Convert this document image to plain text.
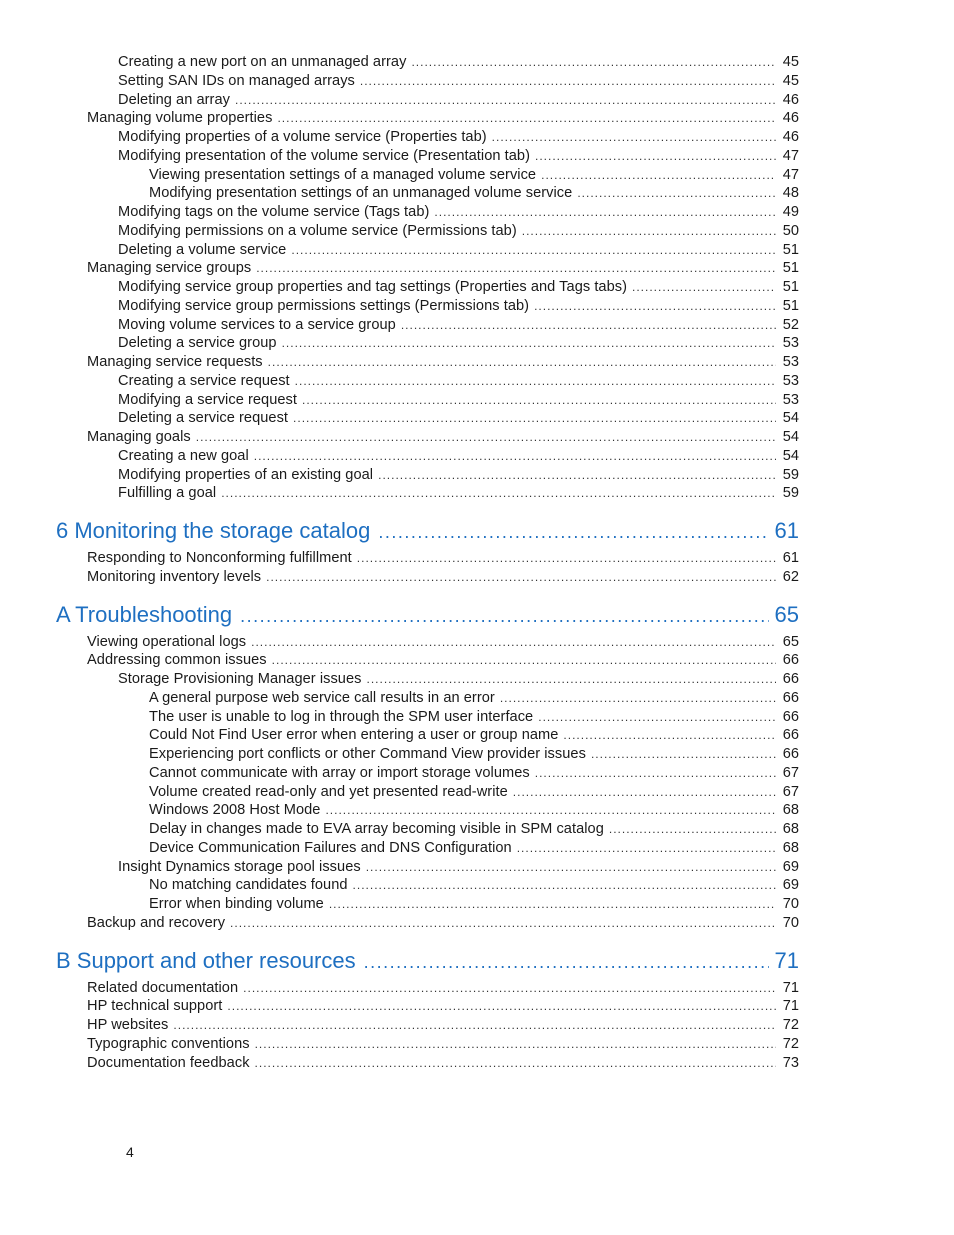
Creating a new port on an unmanaged array .....	45
Setting SAN IDs on managed arrays .....	45
Deleting an array .....	46
Managing volume properties .....	46
Modifying properties of a volume service (Properties tab) .....	46
Modifying presentation of the volume service (Presentation tab) .....	47
Viewing presentation settings of a managed volume service .....	47
Modifying presentation settings of an unmanaged volume service .....	48
Modifying tags on the volume service (Tags tab) .....	49
Modifying permissions on a volume service (Permissions tab) .....	50
Deleting a volume service .....	51
Managing service groups .....	51
Modifying service group properties and tag settings (Properties and Tags tabs) .....	51
Modifying service group permissions settings (Permissions tab) .....	51
Moving volume services to a service group .....	52
Deleting a service group .....	53
Managing service requests .....	53
Creating a service request .....	53
Modifying a service request .....	53
Deleting a service request .....	54
Managing goals .....	54
Creating a new goal .....	54
Modifying properties of an existing goal .....	59
Fulfilling a goal .....	59
6 Monitoring the storage catalog .....	61
Responding to Nonconforming fulfillment .....	61
Monitoring inventory levels .....	62
A Troubleshooting .....	65
Viewing operational logs .....	65
Addressing common issues .....	66
Storage Provisioning Manager issues .....	66
A general purpose web service call results in an error .....	66
The user is unable to log in through the SPM user interface .....	66
Could Not Find User error when entering a user or group name .....	66
Experiencing port conflicts or other Command View provider issues .....	66
Cannot communicate with array or import storage volumes .....	67
Volume created read-only and yet presented read-write .....	67
Windows 2008 Host Mode .....	68
Delay in changes made to EVA array becoming visible in SPM catalog .....	68
Device Communication Failures and DNS Configuration .....	68
Insight Dynamics storage pool issues .....	69
No matching candidates found .....	69
Error when binding volume .....	70
Backup and recovery .....	70
B Support and other resources .....	71
Related documentation .....	71
HP technical support .....	71
HP websites .....	72
Typographic conventions .....	72
Documentation feedback .....	73
4
